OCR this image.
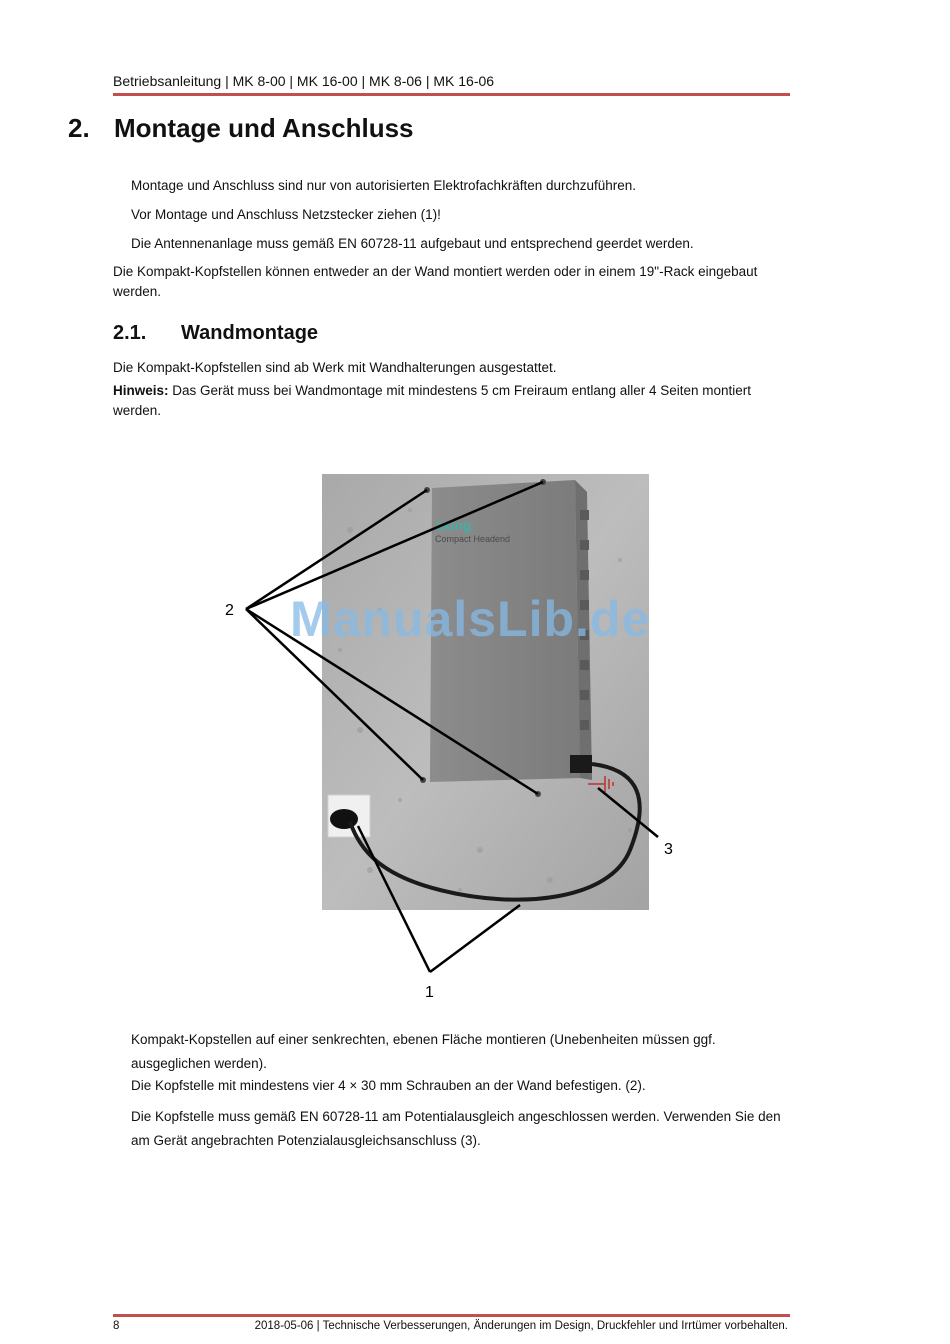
Betriebsanleitung | MK 8-00 | MK 16-00 | MK 8-06 | MK 16-06
2. Montage und Anschluss
Montage und Anschluss sind nur von autorisierten Elektrofachkräften durchzuführen.
Vor Montage und Anschluss Netzstecker ziehen (1)!
Die Antennenanlage muss gemäß EN 60728-11 aufgebaut und entsprechend geerdet werden.
Die Kompakt-Kopfstellen können entweder an der Wand montiert werden oder in einem 19"-Rack eingebaut werden.
2.1. Wandmontage
Die Kompakt-Kopfstellen sind ab Werk mit Wandhalterungen ausgestattet.
Hinweis: Das Gerät muss bei Wandmontage mit mindestens 5 cm Freiraum entlang aller 4 Seiten montiert werden.
axing
Compact Headend
2
3
1
ManualsLib.de
Kompakt-Kopstellen auf einer senkrechten, ebenen Fläche montieren (Unebenheiten müssen ggf. ausgeglichen werden).
Die Kopfstelle mit mindestens vier 4 × 30 mm Schrauben an der Wand befestigen. (2).
Die Kopfstelle muss gemäß EN 60728-11 am Potentialausgleich angeschlossen werden. Verwenden Sie den am Gerät angebrachten Potenzialausgleichsanschluss (3).
8	2018-05-06 | Technische Verbesserungen, Änderungen im Design, Druckfehler und Irrtümer vorbehalten.
